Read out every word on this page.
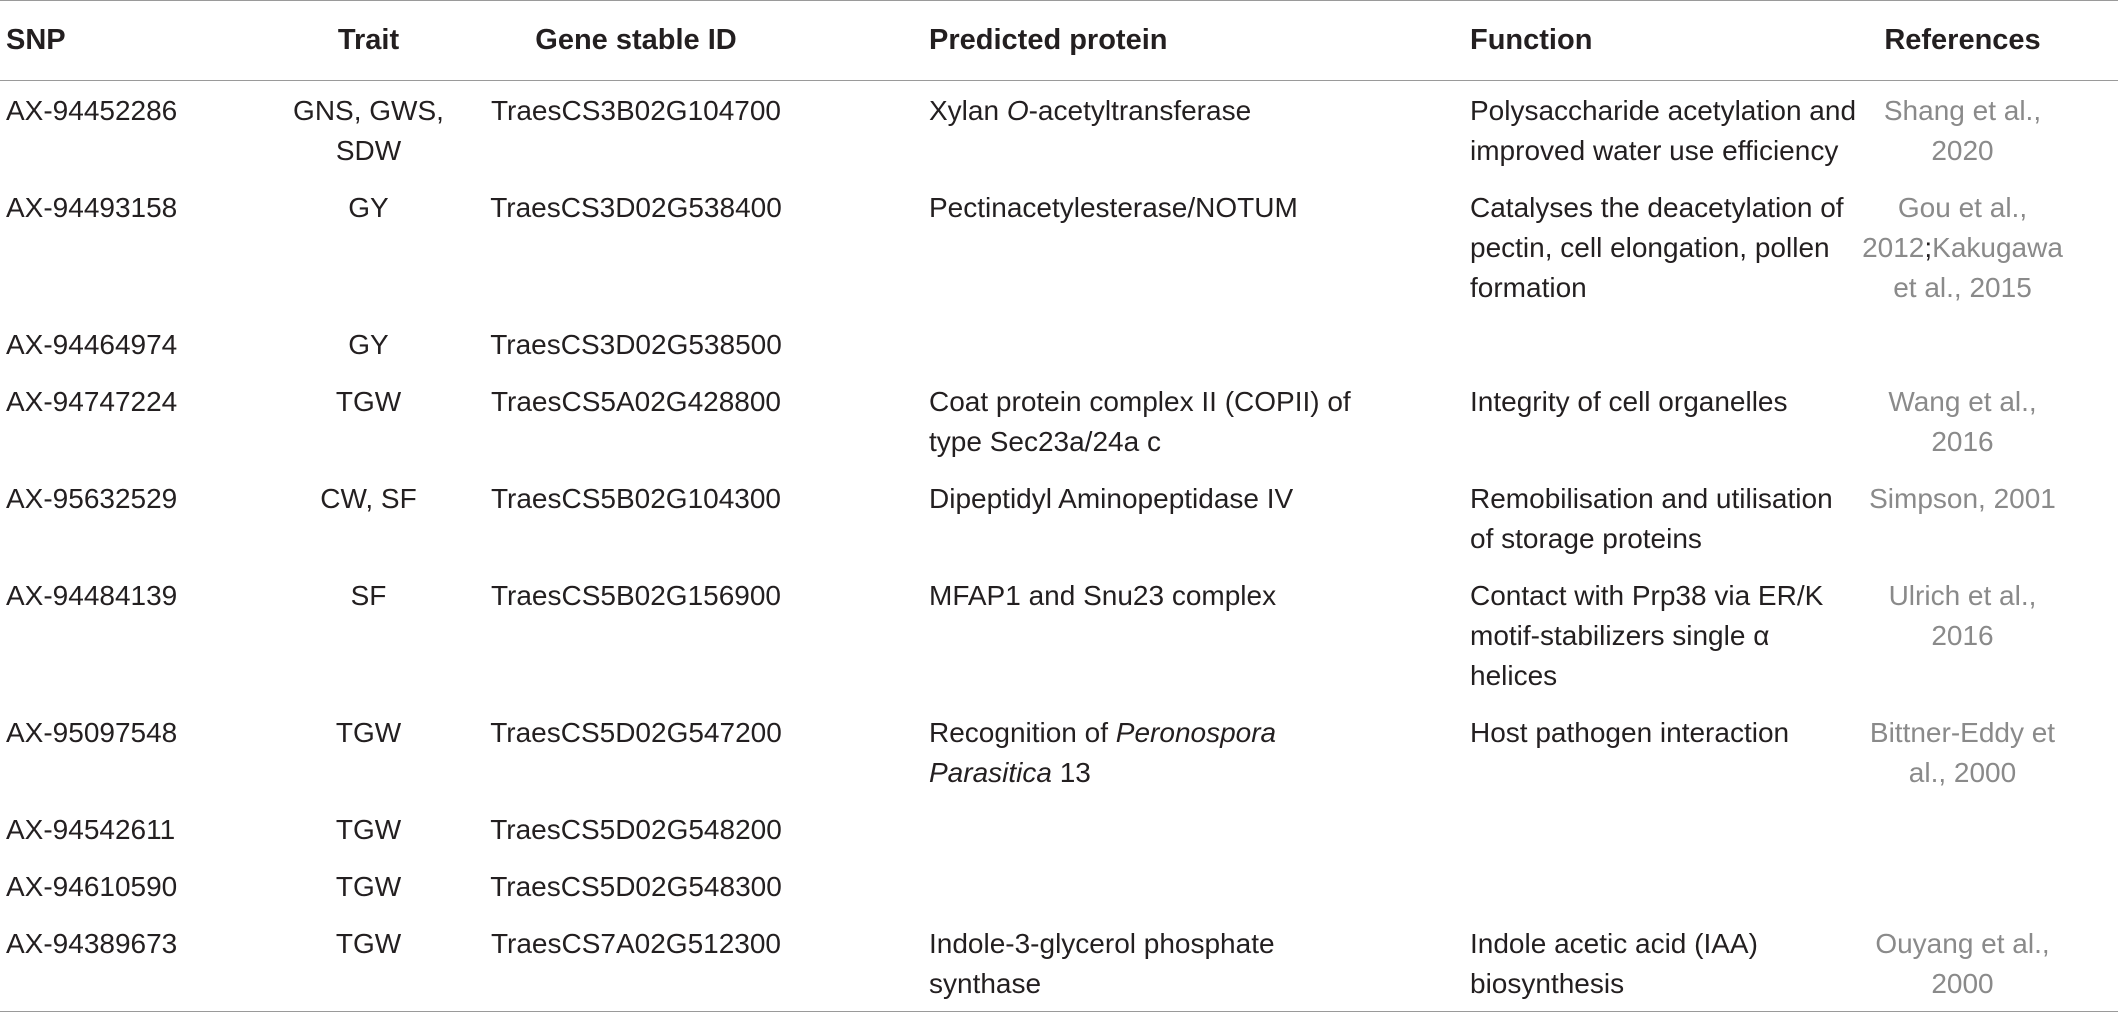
SNP	Trait	Gene stable ID	Predicted protein	Function	References
AX-94452286	GNS, GWS, SDW	TraesCS3B02G104700	Xylan O-acetyltransferase	Polysaccharide acetylation and improved water use efficiency	Shang et al., 2020
AX-94493158	GY	TraesCS3D02G538400	Pectinacetylesterase/NOTUM	Catalyses the deacetylation of pectin, cell elongation, pollen formation	Gou et al., 2012;Kakugawa et al., 2015
AX-94464974	GY	TraesCS3D02G538500			
AX-94747224	TGW	TraesCS5A02G428800	Coat protein complex II (COPII) of type Sec23a/24a c	Integrity of cell organelles	Wang et al., 2016
AX-95632529	CW, SF	TraesCS5B02G104300	Dipeptidyl Aminopeptidase IV	Remobilisation and utilisation of storage proteins	Simpson, 2001
AX-94484139	SF	TraesCS5B02G156900	MFAP1 and Snu23 complex	Contact with Prp38 via ER/K motif-stabilizers single α helices	Ulrich et al., 2016
AX-95097548	TGW	TraesCS5D02G547200	Recognition of Peronospora Parasitica 13	Host pathogen interaction	Bittner-Eddy et al., 2000
AX-94542611	TGW	TraesCS5D02G548200			
AX-94610590	TGW	TraesCS5D02G548300			
AX-94389673	TGW	TraesCS7A02G512300	Indole-3-glycerol phosphate synthase	Indole acetic acid (IAA) biosynthesis	Ouyang et al., 2000
